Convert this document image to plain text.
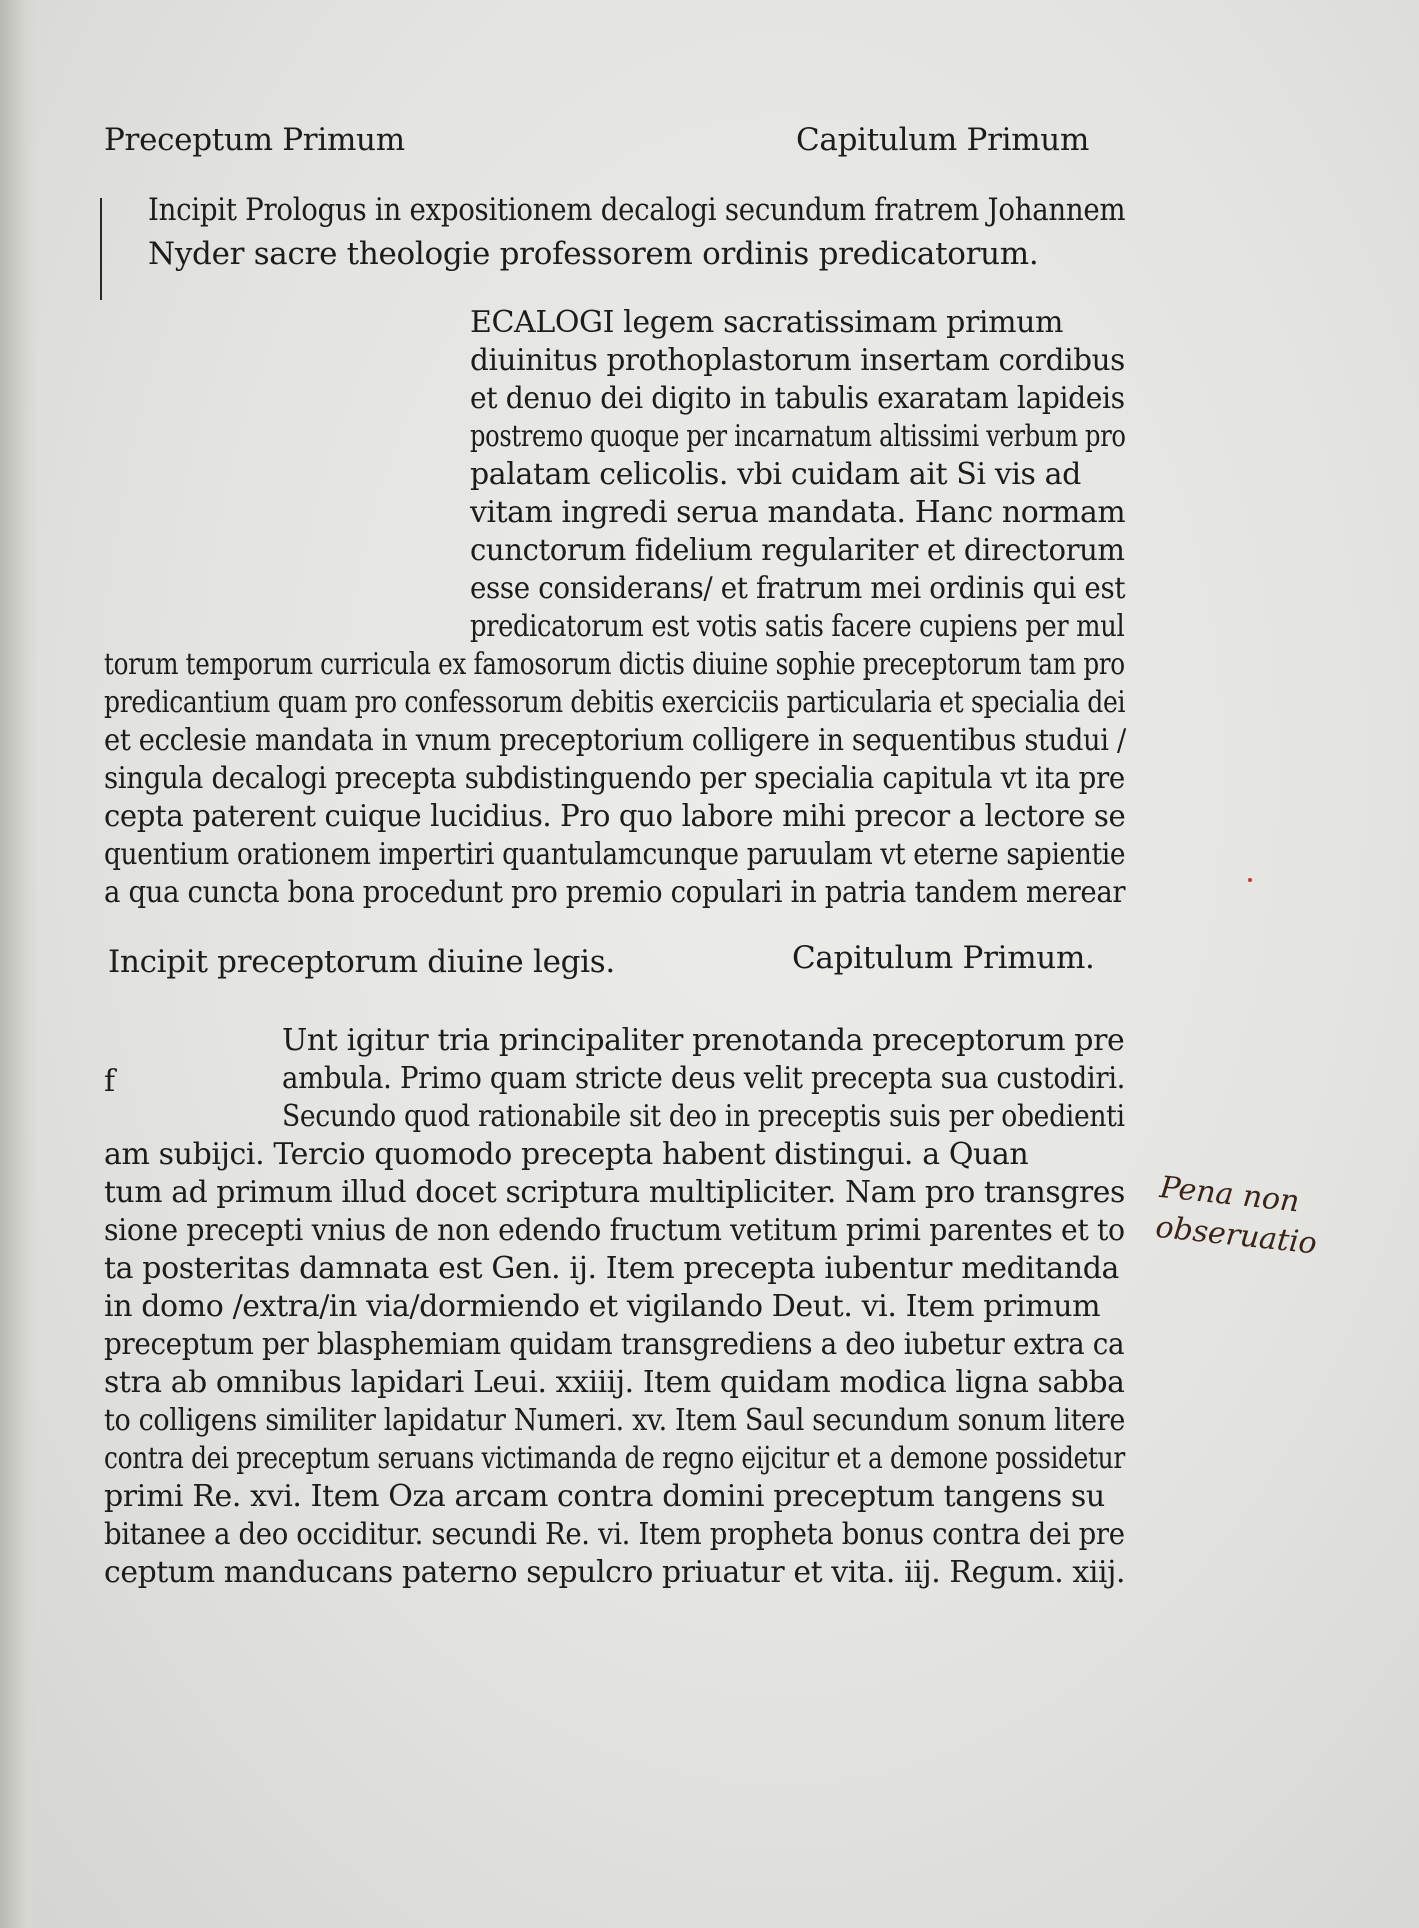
Preceptum Primum	Capitulum Primum
Incipit Prologus in expositionem decalogi secundum fratrem Johannem
Nyder sacre theologie professorem ordinis predicatorum.
ECALOGI legem sacratissimam primum
diuinitus prothoplastorum insertam cordibus
et denuo dei digito in tabulis exaratam lapideis
postremo quoque per incarnatum altissimi verbum pro
palatam celicolis. vbi cuidam ait Si vis ad
vitam ingredi serua mandata. Hanc normam
cunctorum fidelium regulariter et directorum
esse considerans/ et fratrum mei ordinis qui est
predicatorum est votis satis facere cupiens per mul
torum temporum curricula ex famosorum dictis diuine sophie preceptorum tam pro
predicantium quam pro confessorum debitis exerciciis particularia et specialia dei
et ecclesie mandata in vnum preceptorium colligere in sequentibus studui /
singula decalogi precepta subdistinguendo per specialia capitula vt ita pre
cepta paterent cuique lucidius. Pro quo labore mihi precor a lectore se
quentium orationem impertiri quantulamcunque paruulam vt eterne sapientie
a qua cuncta bona procedunt pro premio copulari in patria tandem merear
Incipit preceptorum diuine legis.	Capitulum Primum.
f
Unt igitur tria principaliter prenotanda preceptorum pre
ambula. Primo quam stricte deus velit precepta sua custodiri.
Secundo quod rationabile sit deo in preceptis suis per obedienti
am subijci. Tercio quomodo precepta habent distingui. a Quan
tum ad primum illud docet scriptura multipliciter. Nam pro transgres
sione precepti vnius de non edendo fructum vetitum primi parentes et to
ta posteritas damnata est Gen. ij. Item precepta iubentur meditanda
in domo /extra/in via/dormiendo et vigilando Deut. vi. Item primum
preceptum per blasphemiam quidam transgrediens a deo iubetur extra ca
stra ab omnibus lapidari Leui. xxiiij. Item quidam modica ligna sabba
to colligens similiter lapidatur Numeri. xv. Item Saul secundum sonum litere
contra dei preceptum seruans victimanda de regno eijcitur et a demone possidetur
primi Re. xvi. Item Oza arcam contra domini preceptum tangens su
bitanee a deo occiditur. secundi Re. vi. Item propheta bonus contra dei pre
ceptum manducans paterno sepulcro priuatur et vita. iij. Regum. xiij.
Pena non
obseruatio
